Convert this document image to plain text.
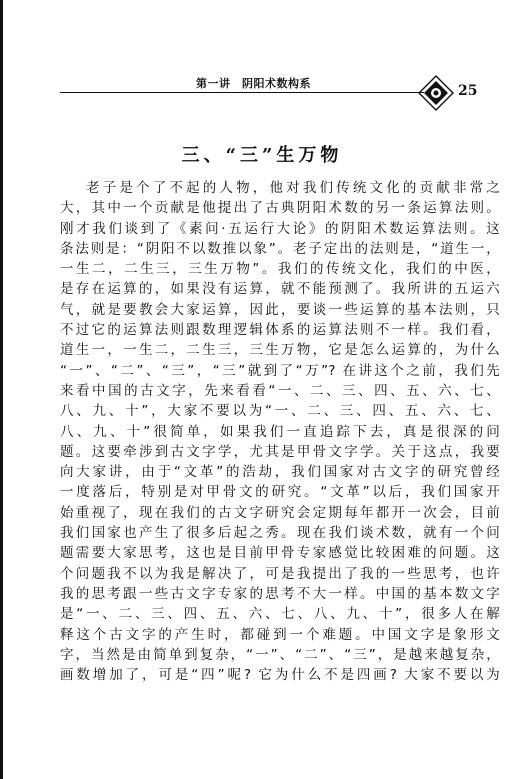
第一讲　阴阳术数构系	25
三、“三”生万物
老子是个了不起的人物，他对我们传统文化的贡献非常之
大，其中一个贡献是他提出了古典阴阳术数的另一条运算法则。
刚才我们谈到了《素问·五运行大论》的阴阳术数运算法则。这
条法则是：“阴阳不以数推以象”。老子定出的法则是，“道生一，
一生二，二生三，三生万物”。我们的传统文化，我们的中医，
是存在运算的，如果没有运算，就不能预测了。我所讲的五运六
气，就是要教会大家运算，因此，要谈一些运算的基本法则，只
不过它的运算法则跟数理逻辑体系的运算法则不一样。我们看，
道生一，一生二，二生三，三生万物，它是怎么运算的，为什么
“一”、“二”、“三”，“三”就到了“万”? 在讲这个之前，我们先
来看中国的古文字，先来看看“一、二、三、四、五、六、七、
八、九、十”，大家不要以为“一、二、三、四、五、六、七、
八、九、十”很简单，如果我们一直追踪下去，真是很深的问
题。这要牵涉到古文字学，尤其是甲骨文字学。关于这点，我要
向大家讲，由于“文革”的浩劫，我们国家对古文字的研究曾经
一度落后，特别是对甲骨文的研究。“文革”以后，我们国家开
始重视了，现在我们的古文字研究会定期每年都开一次会，目前
我们国家也产生了很多后起之秀。现在我们谈术数，就有一个问
题需要大家思考，这也是目前甲骨专家感觉比较困难的问题。这
个问题我不以为我是解决了，可是我提出了我的一些思考，也许
我的思考跟一些古文字专家的思考不大一样。中国的基本数文字
是“一、二、三、四、五、六、七、八、九、十”，很多人在解
释这个古文字的产生时，都碰到一个难题。中国文字是象形文
字，当然是由简单到复杂，“一”、“二”、“三”，是越来越复杂，
画数增加了，可是“四”呢? 它为什么不是四画? 大家不要以为
